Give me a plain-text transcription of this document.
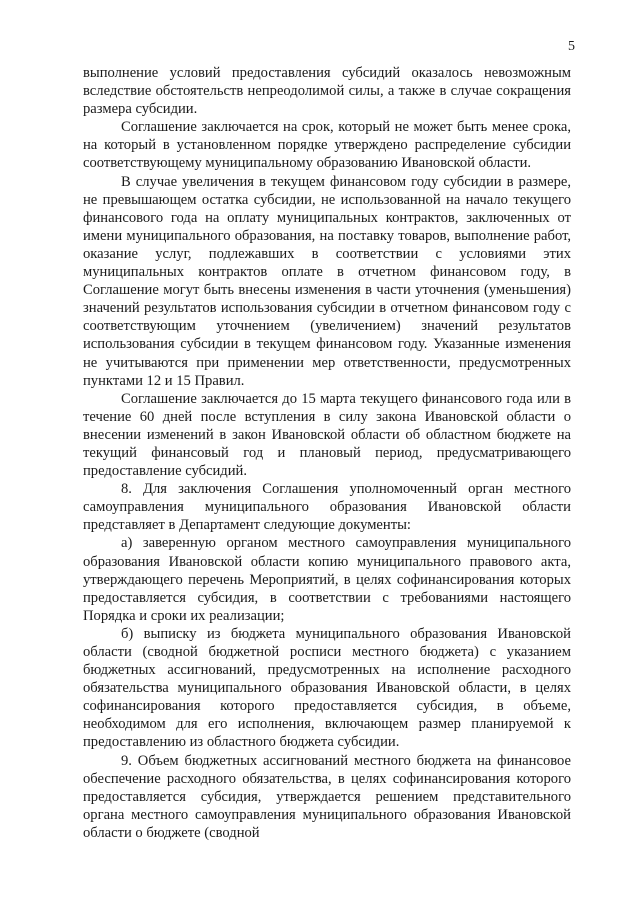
5

выполнение условий предоставления субсидий оказалось невозможным вследствие обстоятельств непреодолимой силы, а также в случае сокращения размера субсидии.

Соглашение заключается на срок, который не может быть менее срока, на который в установленном порядке утверждено распределение субсидии соответствующему муниципальному образованию Ивановской области.

В случае увеличения в текущем финансовом году субсидии в размере, не превышающем остатка субсидии, не использованной на начало текущего финансового года на оплату муниципальных контрактов, заключенных от имени муниципального образования, на поставку товаров, выполнение работ, оказание услуг, подлежавших в соответствии с условиями этих муниципальных контрактов оплате в отчетном финансовом году, в Соглашение могут быть внесены изменения в части уточнения (уменьшения) значений результатов использования субсидии в отчетном финансовом году с соответствующим уточнением (увеличением) значений результатов использования субсидии в текущем финансовом году. Указанные изменения не учитываются при применении мер ответственности, предусмотренных пунктами 12 и 15 Правил.

Соглашение заключается до 15 марта текущего финансового года или в течение 60 дней после вступления в силу закона Ивановской области о внесении изменений в закон Ивановской области об областном бюджете на текущий финансовый год и плановый период, предусматривающего предоставление субсидий.

8. Для заключения Соглашения уполномоченный орган местного самоуправления муниципального образования Ивановской области представляет в Департамент следующие документы:

а) заверенную органом местного самоуправления муниципального образования Ивановской области копию муниципального правового акта, утверждающего перечень Мероприятий, в целях софинансирования которых предоставляется субсидия, в соответствии с требованиями настоящего Порядка и сроки их реализации;

б) выписку из бюджета муниципального образования Ивановской области (сводной бюджетной росписи местного бюджета) с указанием бюджетных ассигнований, предусмотренных на исполнение расходного обязательства муниципального образования Ивановской области, в целях софинансирования которого предоставляется субсидия, в объеме, необходимом для его исполнения, включающем размер планируемой к предоставлению из областного бюджета субсидии.

9. Объем бюджетных ассигнований местного бюджета на финансовое обеспечение расходного обязательства, в целях софинансирования которого предоставляется субсидия, утверждается решением представительного органа местного самоуправления муниципального образования Ивановской области о бюджете (сводной
